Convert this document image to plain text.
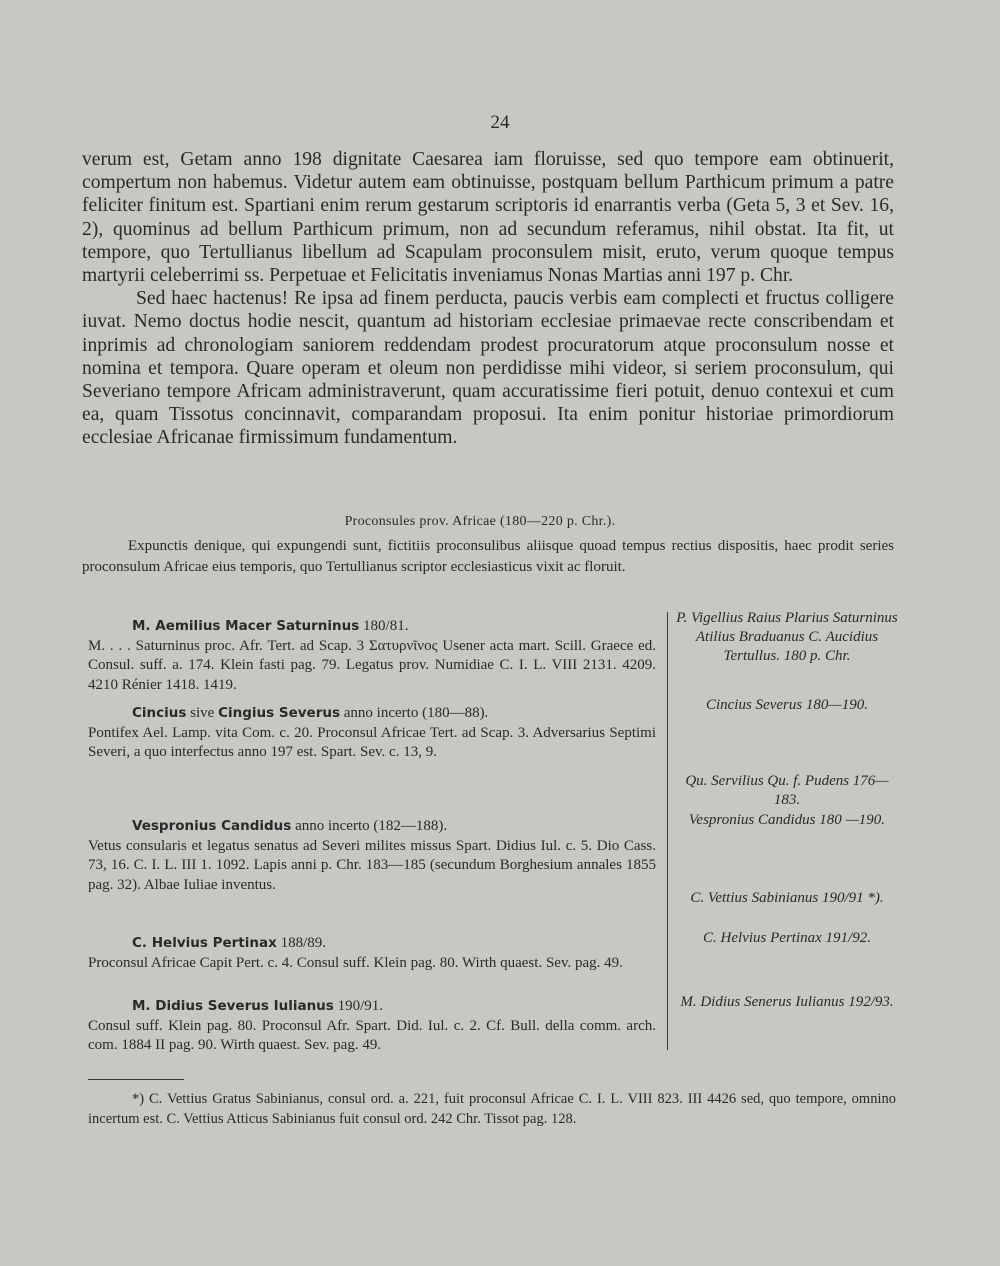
24

verum est, Getam anno 198 dignitate Caesarea iam floruisse, sed quo tempore eam obtinuerit, compertum non habemus. Videtur autem eam obtinuisse, postquam bellum Parthicum primum a patre feliciter finitum est. Spartiani enim rerum gestarum scriptoris id enarrantis verba (Geta 5, 3 et Sev. 16, 2), quominus ad bellum Parthicum primum, non ad secundum referamus, nihil obstat. Ita fit, ut tempore, quo Tertullianus libellum ad Scapulam proconsulem misit, eruto, verum quoque tempus martyrii celeberrimi ss. Perpetuae et Felicitatis inveniamus Nonas Martias anni 197 p. Chr.

Sed haec hactenus! Re ipsa ad finem perducta, paucis verbis eam complecti et fructus colligere iuvat. Nemo doctus hodie nescit, quantum ad historiam ecclesiae primaevae recte conscribendam et inprimis ad chronologiam saniorem reddendam prodest procuratorum atque proconsulum nosse et nomina et tempora. Quare operam et oleum non perdidisse mihi videor, si seriem proconsulum, qui Severiano tempore Africam administraverunt, quam accuratissime fieri potuit, denuo contexui et cum ea, quam Tissotus concinnavit, comparandam proposui. Ita enim ponitur historiae primordiorum ecclesiae Africanae firmissimum fundamentum.

Proconsules prov. Africae (180—220 p. Chr.).
Expunctis denique, qui expungendi sunt, fictitiis proconsulibus aliisque quoad tempus rectius dispositis, haec prodit series proconsulum Africae eius temporis, quo Tertullianus scriptor ecclesiasticus vixit ac floruit.
M. Aemilius Macer Saturninus 180/81.
M. . . . Saturninus proc. Afr. Tert. ad Scap. 3 Σατυρνῖνος Usener acta mart. Scill. Graece ed. Consul. suff. a. 174. Klein fasti pag. 79. Legatus prov. Numidiae C. I. L. VIII 2131. 4209. 4210 Rénier 1418. 1419.
Cincius sive Cingius Severus anno incerto (180—88).
Pontifex Ael. Lamp. vita Com. c. 20. Proconsul Africae Tert. ad Scap. 3. Adversarius Septimi Severi, a quo interfectus anno 197 est. Spart. Sev. c. 13, 9.
Vespronius Candidus anno incerto (182—188).
Vetus consularis et legatus senatus ad Severi milites missus Spart. Didius Iul. c. 5. Dio Cass. 73, 16. C. I. L. III 1. 1092. Lapis anni p. Chr. 183—185 (secundum Borghesium annales 1855 pag. 32). Albae Iuliae inventus.
C. Helvius Pertinax 188/89.
Proconsul Africae Capit Pert. c. 4. Consul suff. Klein pag. 80. Wirth quaest. Sev. pag. 49.
M. Didius Severus Iulianus 190/91.
Consul suff. Klein pag. 80. Proconsul Afr. Spart. Did. Iul. c. 2. Cf. Bull. della comm. arch. com. 1884 II pag. 90. Wirth quaest. Sev. pag. 49.
P. Vigellius Raius Plarius Saturninus Atilius Braduanus C. Aucidius Tertullus. 180 p. Chr.
Cincius Severus 180—190.
Qu. Servilius Qu. f. Pudens 176—183.
Vespronius Candidus 180 —190.
C. Vettius Sabinianus 190/91 *).
C. Helvius Pertinax 191/92.
M. Didius Senerus Iulianus 192/93.
*) C. Vettius Gratus Sabinianus, consul ord. a. 221, fuit proconsul Africae C. I. L. VIII 823. III 4426 sed, quo tempore, omnino incertum est. C. Vettius Atticus Sabinianus fuit consul ord. 242 Chr. Tissot pag. 128.
